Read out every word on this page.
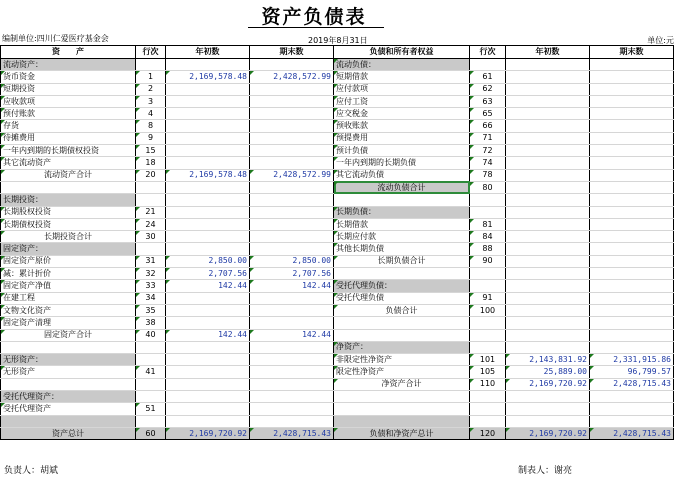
资产负债表
编制单位:四川仁爱医疗基金会	2019年8月31日	单位:元
资　　产	行次	年初数	期末数	负债和所有者权益	行次	年初数	期末数
流动资产：				流动负债：			
货币资金	1	2,169,578.48	2,428,572.99	短期借款	61		
短期投资	2			应付款项	62		
应收款项	3			应付工资	63		
预付账款	4			应交税金	65		
存货	8			预收账款	66		
待摊费用	9			预提费用	71		
一年内到期的长期债权投资	15			预计负债	72		
其它流动资产	18			一年内到期的长期负债	74		
流动资产合计	20	2,169,578.48	2,428,572.99	其它流动负债	78		
				流动负债合计	80		
长期投资：							
长期股权投资	21			长期负债：			
长期债权投资	24			长期借款	81		
长期投资合计	30			长期应付款	84		
固定资产：				其他长期负债	88		
固定资产原价	31	2,850.00	2,850.00	长期负债合计	90		
减：累计折价	32	2,707.56	2,707.56				
固定资产净值	33	142.44	142.44	受托代理负债：			
在建工程	34			受托代理负债	91		
文物文化资产	35			负债合计	100		
固定资产清理	38						
固定资产合计	40	142.44	142.44				
				净资产：			
无形资产：				非限定性净资产	101	2,143,831.92	2,331,915.86
无形资产	41			限定性净资产	105	25,889.00	96,799.57
				净资产合计	110	2,169,720.92	2,428,715.43
受托代理资产：							
受托代理资产	51						

资产总计	60	2,169,720.92	2,428,715.43	负债和净资产总计	120	2,169,720.92	2,428,715.43
负责人：胡斌	制表人：谢亮
